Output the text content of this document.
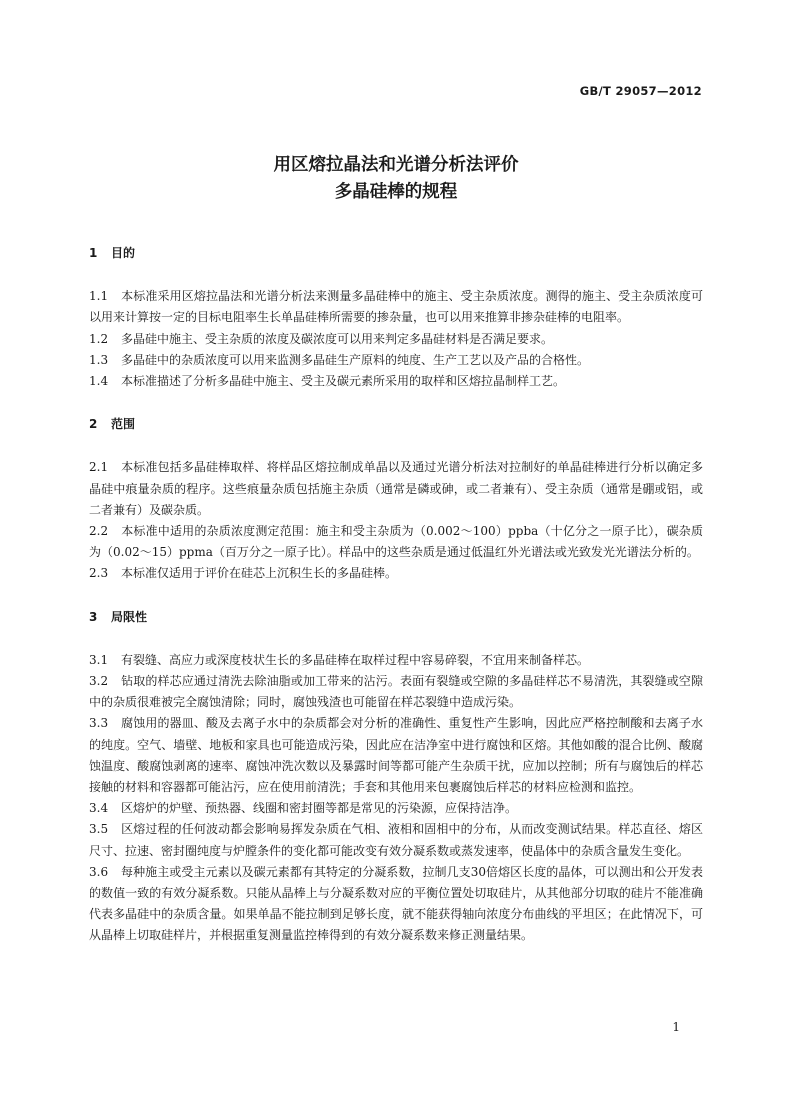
GB/T 29057—2012
用区熔拉晶法和光谱分析法评价
多晶硅棒的规程
1 目的

1.1 本标准采用区熔拉晶法和光谱分析法来测量多晶硅棒中的施主、受主杂质浓度。测得的施主、受主杂质浓度可以用来计算按一定的目标电阻率生长单晶硅棒所需要的掺杂量，也可以用来推算非掺杂硅棒的电阻率。

1.2 多晶硅中施主、受主杂质的浓度及碳浓度可以用来判定多晶硅材料是否满足要求。

1.3 多晶硅中的杂质浓度可以用来监测多晶硅生产原料的纯度、生产工艺以及产品的合格性。

1.4 本标准描述了分析多晶硅中施主、受主及碳元素所采用的取样和区熔拉晶制样工艺。

2 范围

2.1 本标准包括多晶硅棒取样、将样品区熔拉制成单晶以及通过光谱分析法对拉制好的单晶硅棒进行分析以确定多晶硅中痕量杂质的程序。这些痕量杂质包括施主杂质（通常是磷或砷，或二者兼有）、受主杂质（通常是硼或铝，或二者兼有）及碳杂质。

2.2 本标准中适用的杂质浓度测定范围：施主和受主杂质为（0.002～100）ppba（十亿分之一原子比），碳杂质为（0.02～15）ppma（百万分之一原子比）。样品中的这些杂质是通过低温红外光谱法或光致发光光谱法分析的。

2.3 本标准仅适用于评价在硅芯上沉积生长的多晶硅棒。

3 局限性

3.1 有裂缝、高应力或深度枝状生长的多晶硅棒在取样过程中容易碎裂，不宜用来制备样芯。

3.2 钻取的样芯应通过清洗去除油脂或加工带来的沾污。表面有裂缝或空隙的多晶硅样芯不易清洗，其裂缝或空隙中的杂质很难被完全腐蚀清除；同时，腐蚀残渣也可能留在样芯裂缝中造成污染。

3.3 腐蚀用的器皿、酸及去离子水中的杂质都会对分析的准确性、重复性产生影响，因此应严格控制酸和去离子水的纯度。空气、墙壁、地板和家具也可能造成污染，因此应在洁净室中进行腐蚀和区熔。其他如酸的混合比例、酸腐蚀温度、酸腐蚀剥离的速率、腐蚀冲洗次数以及暴露时间等都可能产生杂质干扰，应加以控制；所有与腐蚀后的样芯接触的材料和容器都可能沾污，应在使用前清洗；手套和其他用来包裹腐蚀后样芯的材料应检测和监控。

3.4 区熔炉的炉壁、预热器、线圈和密封圈等都是常见的污染源，应保持洁净。

3.5 区熔过程的任何波动都会影响易挥发杂质在气相、液相和固相中的分布，从而改变测试结果。样芯直径、熔区尺寸、拉速、密封圈纯度与炉膛条件的变化都可能改变有效分凝系数或蒸发速率，使晶体中的杂质含量发生变化。

3.6 每种施主或受主元素以及碳元素都有其特定的分凝系数，拉制几支30倍熔区长度的晶体，可以测出和公开发表的数值一致的有效分凝系数。只能从晶棒上与分凝系数对应的平衡位置处切取硅片，从其他部分切取的硅片不能准确代表多晶硅中的杂质含量。如果单晶不能拉制到足够长度，就不能获得轴向浓度分布曲线的平坦区；在此情况下，可从晶棒上切取硅样片，并根据重复测量监控棒得到的有效分凝系数来修正测量结果。

1
